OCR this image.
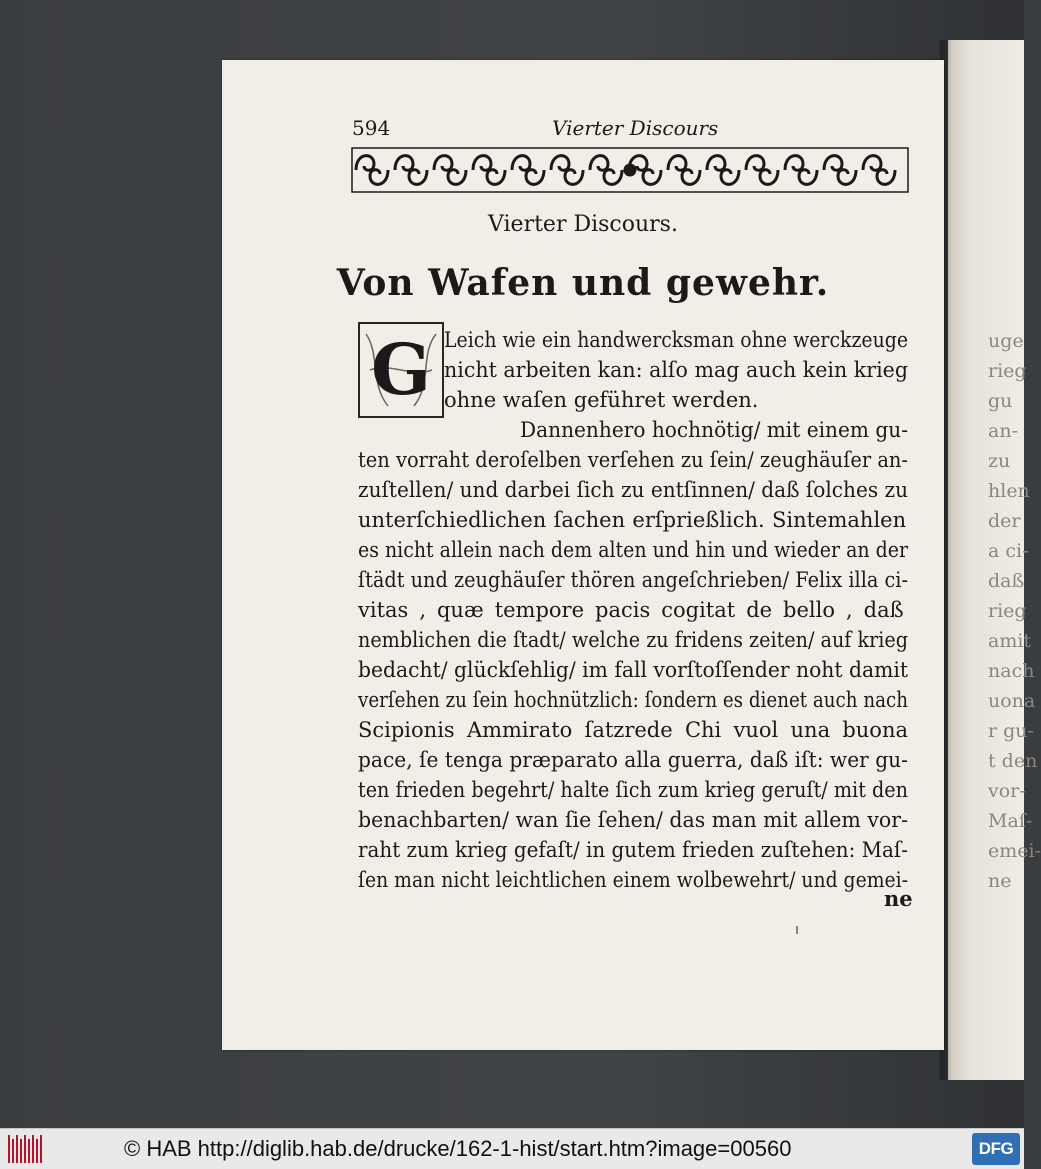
uge
rieg
gu
an-
zu
hlen
der
a ci-
daß
rieg
amit
nach
uona
r gu-
t den
vor-
Maſ-
emei-
ne
594	Vierter Discours
Vierter Discours.
Von Wafen und gewehr.
G Leich wie ein handwercksman ohne werckzeuge
nicht arbeiten kan: alſo mag auch kein krieg
ohne waſen geführet werden.
Dannenhero hochnötig/ mit einem gu-
ten vorraht deroſelben verſehen zu ſein/ zeughäuſer an-
zuſtellen/ und darbei ſich zu entſinnen/ daß ſolches zu
unterſchiedlichen ſachen erſprießlich. Sintemahlen
es nicht allein nach dem alten und hin und wieder an der
ſtädt und zeughäuſer thören angeſchrieben/ Felix illa ci-
vitas , quæ tempore pacis cogitat de bello , daß
nemblichen die ſtadt/ welche zu fridens zeiten/ auf krieg
bedacht/ glückſehlig/ im fall vorſtoſſender noht damit
verſehen zu ſein hochnützlich: ſondern es dienet auch nach
Scipionis Ammirato ſatzrede Chi vuol una buona
pace, ſe tenga præparato alla guerra, daß iſt: wer gu-
ten frieden begehrt/ halte ſich zum krieg geruſt/ mit den
benachbarten/ wan ſie ſehen/ das man mit allem vor-
raht zum krieg gefaſt/ in gutem frieden zuſtehen: Maſ-
ſen man nicht leichtlichen einem wolbewehrt/ und gemei-
ne
© HAB http://diglib.hab.de/drucke/162-1-hist/start.htm?image=00560	DFG
